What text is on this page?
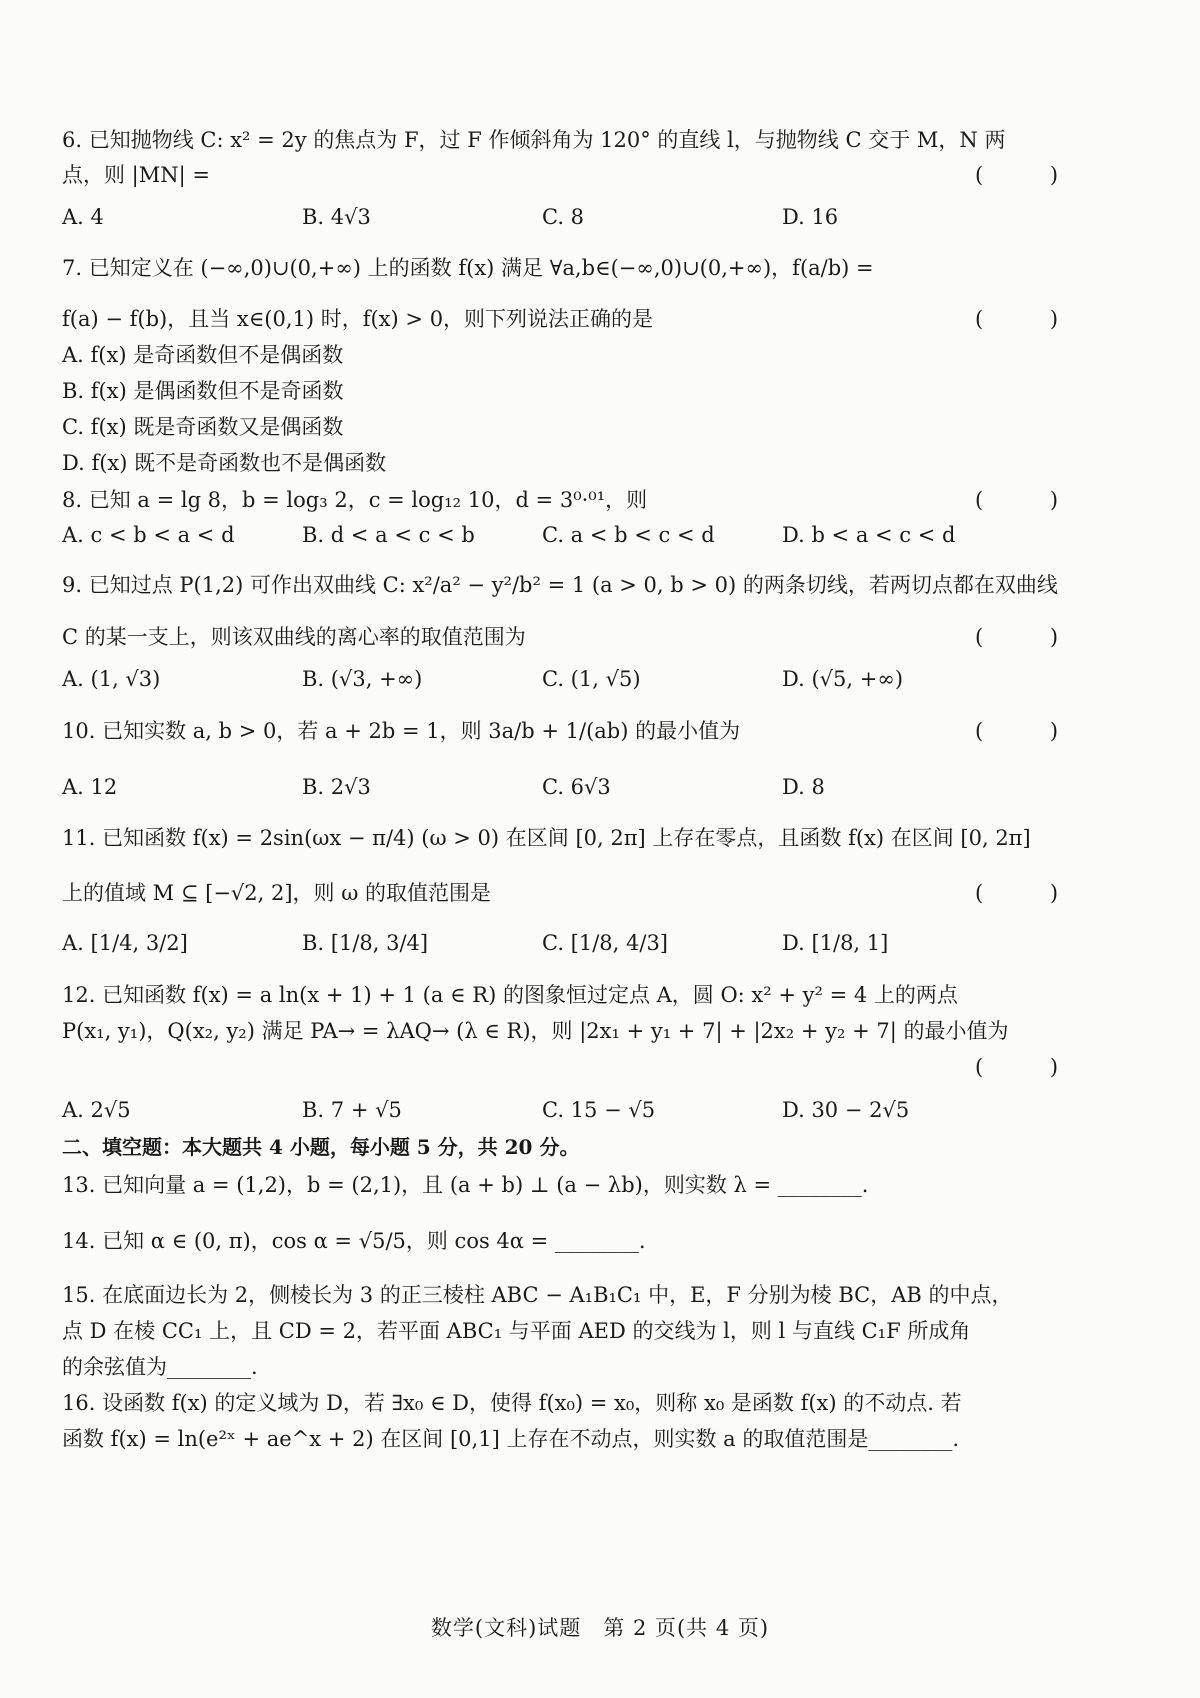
6. 已知抛物线 C: x² = 2y 的焦点为 F，过 F 作倾斜角为 120° 的直线 l，与抛物线 C 交于 M，N 两
点，则 |MN| =	( )
A. 4	B. 4√3	C. 8	D. 16
7. 已知定义在 (−∞,0)∪(0,+∞) 上的函数 f(x) 满足 ∀a,b∈(−∞,0)∪(0,+∞)，f(a/b) =
f(a) − f(b)，且当 x∈(0,1) 时，f(x) > 0，则下列说法正确的是	( )
A. f(x) 是奇函数但不是偶函数
B. f(x) 是偶函数但不是奇函数
C. f(x) 既是奇函数又是偶函数
D. f(x) 既不是奇函数也不是偶函数
8. 已知 a = lg 8，b = log₃ 2，c = log₁₂ 10，d = 3⁰·⁰¹，则	( )
A. c < b < a < d	B. d < a < c < b	C. a < b < c < d	D. b < a < c < d
9. 已知过点 P(1,2) 可作出双曲线 C: x²/a² − y²/b² = 1 (a > 0, b > 0) 的两条切线，若两切点都在双曲线
C 的某一支上，则该双曲线的离心率的取值范围为	( )
A. (1, √3)	B. (√3, +∞)	C. (1, √5)	D. (√5, +∞)
10. 已知实数 a, b > 0，若 a + 2b = 1，则 3a/b + 1/(ab) 的最小值为	( )
A. 12	B. 2√3	C. 6√3	D. 8
11. 已知函数 f(x) = 2sin(ωx − π/4) (ω > 0) 在区间 [0, 2π] 上存在零点，且函数 f(x) 在区间 [0, 2π]
上的值域 M ⊆ [−√2, 2]，则 ω 的取值范围是	( )
A. [1/4, 3/2]	B. [1/8, 3/4]	C. [1/8, 4/3]	D. [1/8, 1]
12. 已知函数 f(x) = a ln(x + 1) + 1 (a ∈ R) 的图象恒过定点 A，圆 O: x² + y² = 4 上的两点
P(x₁, y₁)，Q(x₂, y₂) 满足 PA→ = λAQ→ (λ ∈ R)，则 |2x₁ + y₁ + 7| + |2x₂ + y₂ + 7| 的最小值为
( )
A. 2√5	B. 7 + √5	C. 15 − √5	D. 30 − 2√5
二、填空题：本大题共 4 小题，每小题 5 分，共 20 分。
13. 已知向量 a = (1,2)，b = (2,1)，且 (a + b) ⊥ (a − λb)，则实数 λ = ________.
14. 已知 α ∈ (0, π)，cos α = √5/5，则 cos 4α = ________.
15. 在底面边长为 2，侧棱长为 3 的正三棱柱 ABC − A₁B₁C₁ 中，E，F 分别为棱 BC，AB 的中点，
点 D 在棱 CC₁ 上，且 CD = 2，若平面 ABC₁ 与平面 AED 的交线为 l，则 l 与直线 C₁F 所成角
的余弦值为________.
16. 设函数 f(x) 的定义域为 D，若 ∃x₀ ∈ D，使得 f(x₀) = x₀，则称 x₀ 是函数 f(x) 的不动点. 若
函数 f(x) = ln(e²ˣ + ae^x + 2) 在区间 [0,1] 上存在不动点，则实数 a 的取值范围是________.
数学(文科)试题　第 2 页(共 4 页)
